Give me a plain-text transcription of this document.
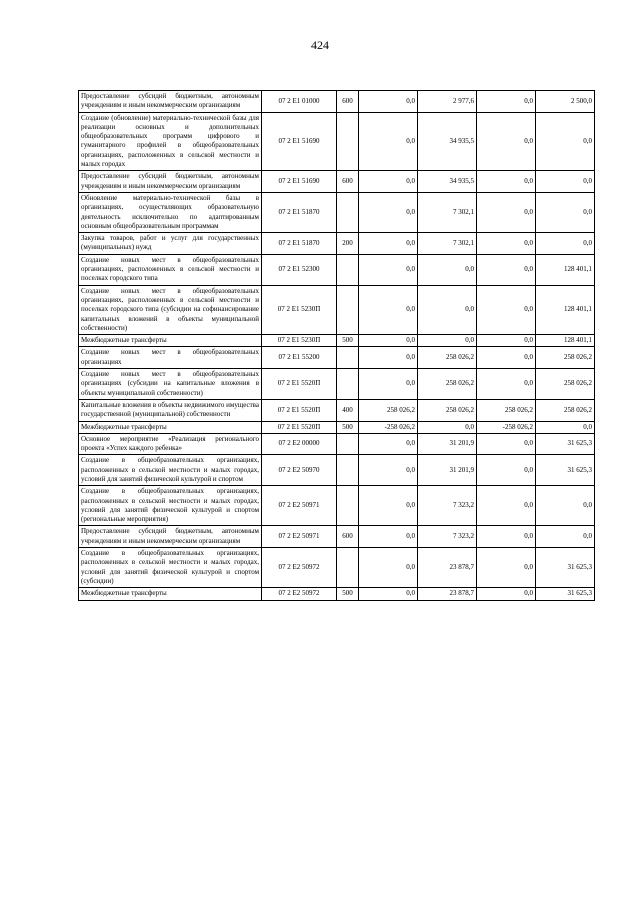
424
Предоставление субсидий бюджетным, автономным учреждениям и иным некоммерческим организациям	07 2 E1 01000	600	0,0	2 977,6	0,0	2 500,0
Создание (обновление) материально-технической базы для реализации основных и дополнительных общеобразовательных программ цифрового и гуманитарного профилей в общеобразовательных организациях, расположенных в сельской местности и малых городах	07 2 E1 51690		0,0	34 935,5	0,0	0,0
Предоставление субсидий бюджетным, автономным учреждениям и иным некоммерческим организациям	07 2 E1 51690	600	0,0	34 935,5	0,0	0,0
Обновление материально-технической базы в организациях, осуществляющих образовательную деятельность исключительно по адаптированным основным общеобразовательным программам	07 2 E1 51870		0,0	7 302,1	0,0	0,0
Закупка товаров, работ и услуг для государственных (муниципальных) нужд	07 2 E1 51870	200	0,0	7 302,1	0,0	0,0
Создание новых мест в общеобразовательных организациях, расположенных в сельской местности и поселках городского типа	07 2 E1 52300		0,0	0,0	0,0	128 401,1
Создание новых мест в общеобразовательных организациях, расположенных в сельской местности и поселках городского типа (субсидии на софинансирование капитальных вложений в объекты муниципальной собственности)	07 2 E1 5230П		0,0	0,0	0,0	128 401,1
Межбюджетные трансферты	07 2 E1 5230П	500	0,0	0,0	0,0	128 401,1
Создание новых мест в общеобразовательных организациях	07 2 E1 55200		0,0	258 026,2	0,0	258 026,2
Создание новых мест в общеобразовательных организациях (субсидии на капитальные вложения в объекты муниципальной собственности)	07 2 E1 5520П		0,0	258 026,2	0,0	258 026,2
Капитальные вложения в объекты недвижимого имущества государственной (муниципальной) собственности	07 2 E1 5520П	400	258 026,2	258 026,2	258 026,2	258 026,2
Межбюджетные трансферты	07 2 E1 5520П	500	-258 026,2	0,0	-258 026,2	0,0
Основное мероприятие «Реализация регионального проекта «Успех каждого ребенка»	07 2 E2 00000		0,0	31 201,9	0,0	31 625,3
Создание в общеобразовательных организациях, расположенных в сельской местности и малых городах, условий для занятий физической культурой и спортом	07 2 E2 50970		0,0	31 201,9	0,0	31 625,3
Создание в общеобразовательных организациях, расположенных в сельской местности и малых городах, условий для занятий физической культурой и спортом (региональные мероприятия)	07 2 E2 50971		0,0	7 323,2	0,0	0,0
Предоставление субсидий бюджетным, автономным учреждениям и иным некоммерческим организациям	07 2 E2 50971	600	0,0	7 323,2	0,0	0,0
Создание в общеобразовательных организациях, расположенных в сельской местности и малых городах, условий для занятий физической культурой и спортом (субсидии)	07 2 E2 50972		0,0	23 878,7	0,0	31 625,3
Межбюджетные трансферты	07 2 E2 50972	500	0,0	23 878,7	0,0	31 625,3
